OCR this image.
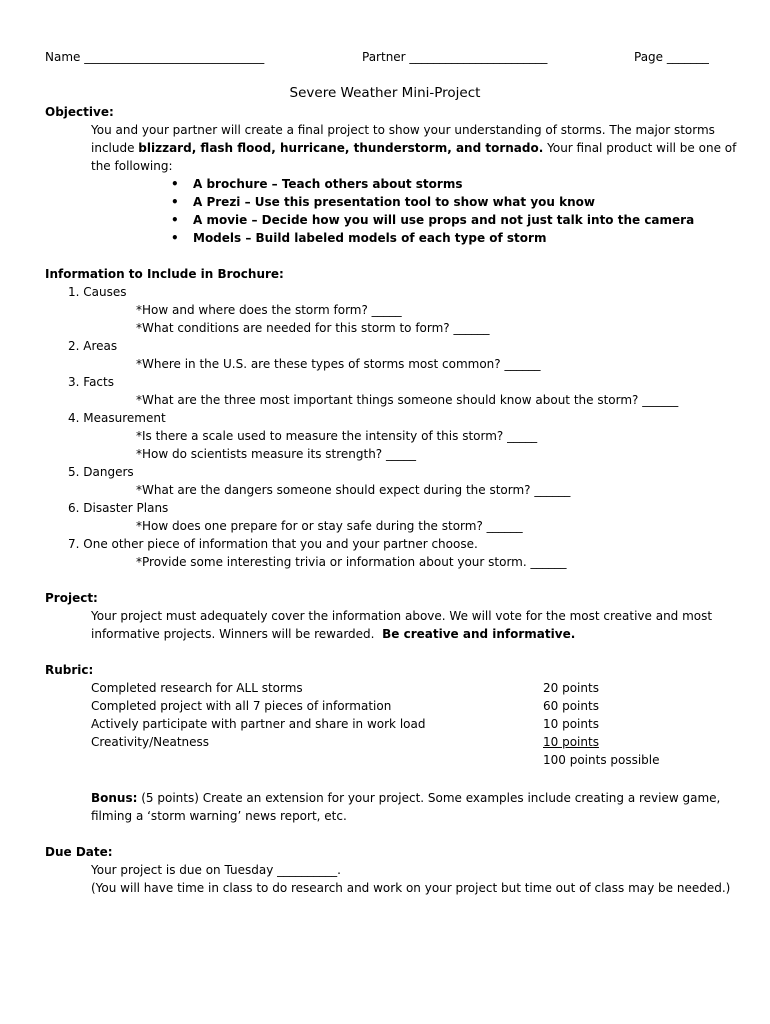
Name ______________________________	Partner _______________________	Page _______
Severe Weather Mini-Project
Objective:
You and your partner will create a final project to show your understanding of storms. The major storms
include blizzard, flash flood, hurricane, thunderstorm, and tornado. Your final product will be one of
the following:
• A brochure – Teach others about storms
• A Prezi – Use this presentation tool to show what you know
• A movie – Decide how you will use props and not just talk into the camera
• Models – Build labeled models of each type of storm
Information to Include in Brochure:
1. Causes
*How and where does the storm form? _____
*What conditions are needed for this storm to form? ______
2. Areas
*Where in the U.S. are these types of storms most common? ______
3. Facts
*What are the three most important things someone should know about the storm? ______
4. Measurement
*Is there a scale used to measure the intensity of this storm? _____
*How do scientists measure its strength? _____
5. Dangers
*What are the dangers someone should expect during the storm? ______
6. Disaster Plans
*How does one prepare for or stay safe during the storm? ______
7. One other piece of information that you and your partner choose.
*Provide some interesting trivia or information about your storm. ______
Project:
Your project must adequately cover the information above. We will vote for the most creative and most
informative projects. Winners will be rewarded. Be creative and informative.
Rubric:
Completed research for ALL storms	20 points
Completed project with all 7 pieces of information	60 points
Actively participate with partner and share in work load	10 points
Creativity/Neatness	10 points
100 points possible
Bonus: (5 points) Create an extension for your project. Some examples include creating a review game,
filming a ‘storm warning’ news report, etc.
Due Date:
Your project is due on Tuesday __________.
(You will have time in class to do research and work on your project but time out of class may be needed.)
